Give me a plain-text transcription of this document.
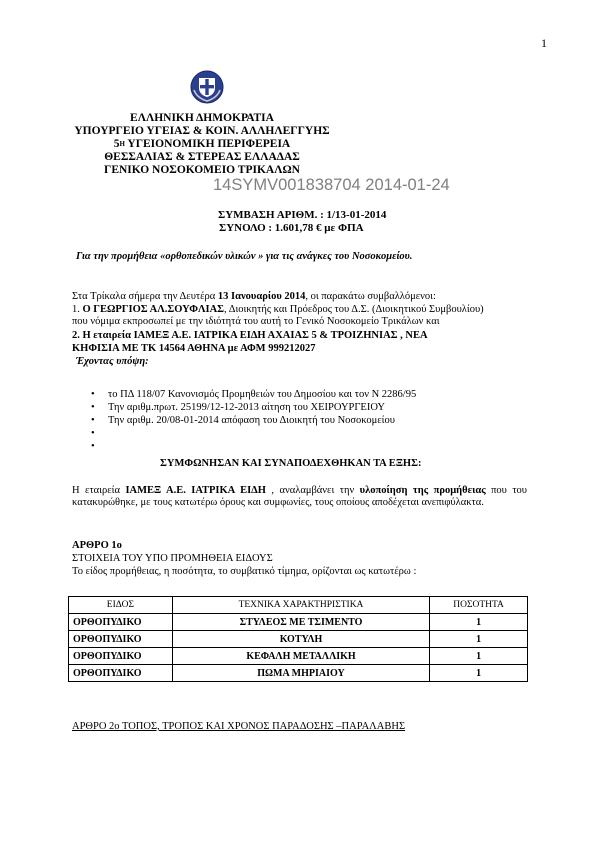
1
ΕΛΛΗΝΙΚΗ ΔΗΜΟΚΡΑΤΙΑ
ΥΠΟΥΡΓΕΙΟ ΥΓΕΙΑΣ & ΚΟΙΝ. ΑΛΛΗΛΕΓΓΥΗΣ
$5^H$ ΥΓΕΙΟΝΟΜΙΚΗ ΠΕΡΙΦΕΡΕΙΑ
ΘΕΣΣΑΛΙΑΣ & ΣΤΕΡΕΑΣ ΕΛΛΑΔΑΣ
ΓΕΝΙΚΟ ΝΟΣΟΚΟΜΕΙΟ ΤΡΙΚΑΛΩΝ
14SYMV001838704 2014-01-24
ΣΥΜΒΑΣΗ ΑΡΙΘΜ. : 1/13-01-2014
ΣΥΝΟΛΟ : 1.601,78 € με ΦΠΑ
Για την προμήθεια «ορθοπεδικών υλικών » για τις ανάγκες του Νοσοκομείου.
Στα Τρίκαλα σήμερα την Δευτέρα 13 Ιανουαρίου 2014, οι παρακάτω συμβαλλόμενοι:
1. Ο ΓΕΩΡΓΙΟΣ ΑΛ.ΣΟΥΦΛΙΑΣ, Διοικητής και Πρόεδρος του Δ.Σ. (Διοικητικού Συμβουλίου)
που νόμιμα εκπροσωπεί με την ιδιότητά του αυτή το Γενικό Νοσοκομείο Τρικάλων και
2. Η εταιρεία ΙΑΜΕΞ Α.Ε. ΙΑΤΡΙΚΑ ΕΙΔΗ ΑΧΑΙΑΣ 5 & ΤΡΟΙΖΗΝΙΑΣ , ΝΕΑ
ΚΗΦΙΣΙΑ ΜΕ ΤΚ 14564 ΑΘΗΝΑ με ΑΦΜ 999212027
Έχοντας υπόψη:
• το ΠΔ 118/07 Κανονισμός Προμηθειών του Δημοσίου και τον Ν 2286/95
• Την αριθμ.πρωτ. 25199/12-12-2013 αίτηση του ΧΕΙΡΟΥΡΓΕΙΟΥ
• Την αριθμ. 20/08-01-2014 απόφαση του Διοικητή του Νοσοκομείου
•
•
ΣΥΜΦΩΝΗΣΑΝ ΚΑΙ ΣΥΝΑΠΟΔΕΧΘΗΚΑΝ ΤΑ ΕΞΗΣ:
Η εταιρεία ΙΑΜΕΞ Α.Ε. ΙΑΤΡΙΚΑ ΕΙΔΗ , αναλαμβάνει την υλοποίηση της προμήθειας που του κατακυρώθηκε, με τους κατωτέρω όρους και συμφωνίες, τους οποίους αποδέχεται ανεπιφύλακτα.
ΑΡΘΡΟ 1ο
ΣΤΟΙΧΕΙΑ ΤΟΥ ΥΠΟ ΠΡΟΜΗΘΕΙΑ ΕΙΔΟΥΣ
Το είδος προμήθειας, η ποσότητα, το συμβατικό τίμημα, ορίζονται ως κατωτέρω :
ΕΙΔΟΣ	ΤΕΧΝΙΚΑ ΧΑΡΑΚΤΗΡΙΣΤΙΚΑ	ΠΟΣΟΤΗΤΑ
ΟΡΘΟΠΥΔΙΚΟ	ΣΤΥΛΕΟΣ ΜΕ ΤΣΙΜΕΝΤΟ	1
ΟΡΘΟΠΥΔΙΚΟ	ΚΟΤΥΛΗ	1
ΟΡΘΟΠΥΔΙΚΟ	ΚΕΦΑΛΗ ΜΕΤΑΛΛΙΚΗ	1
ΟΡΘΟΠΥΔΙΚΟ	ΠΩΜΑ ΜΗΡΙΑΙΟΥ	1
ΑΡΘΡΟ 2ο ΤΟΠΟΣ, ΤΡΟΠΟΣ ΚΑΙ ΧΡΟΝΟΣ ΠΑΡΑΔΟΣΗΣ –ΠΑΡΑΛΑΒΗΣ
